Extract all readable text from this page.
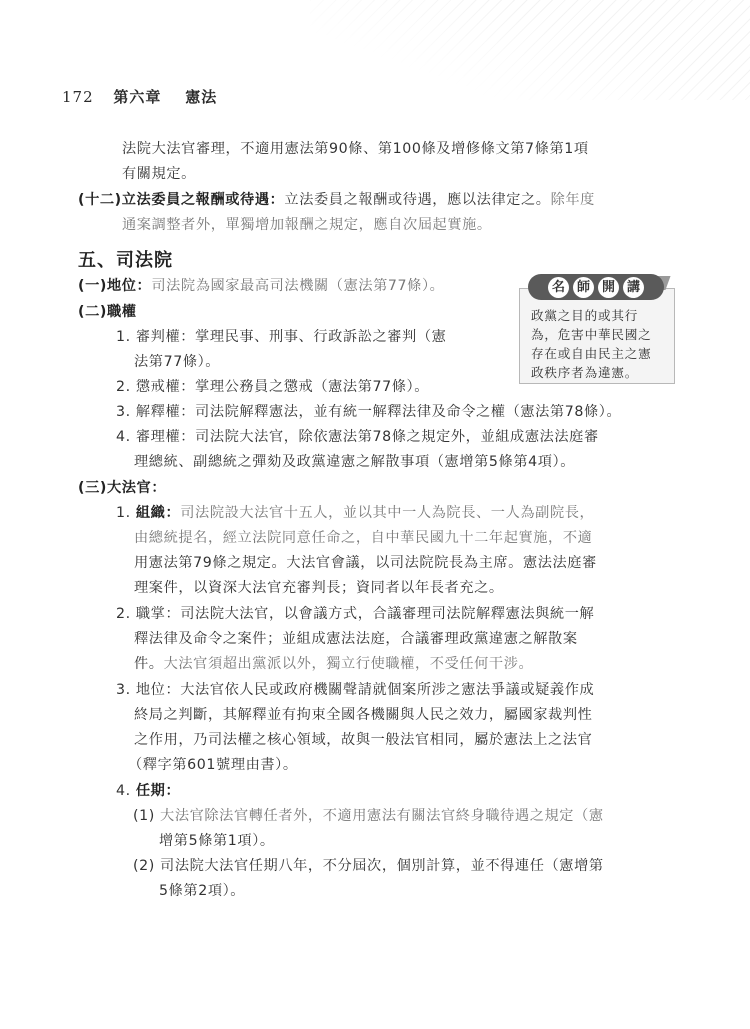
172 第六章 憲法
法院大法官審理，不適用憲法第90條、第100條及增修條文第7條第1項
有關規定。
(十二)立法委員之報酬或待遇：立法委員之報酬或待遇，應以法律定之。除年度
通案調整者外，單獨增加報酬之規定，應自次屆起實施。
五、司法院
(一)地位：司法院為國家最高司法機關（憲法第77條）。
(二)職權
1. 審判權：掌理民事、刑事、行政訴訟之審判（憲
法第77條）。
2. 懲戒權：掌理公務員之懲戒（憲法第77條）。
3. 解釋權：司法院解釋憲法，並有統一解釋法律及命令之權（憲法第78條）。
4. 審理權：司法院大法官，除依憲法第78條之規定外，並組成憲法法庭審
理總統、副總統之彈劾及政黨違憲之解散事項（憲增第5條第4項）。
名 師 開 講
政黨之目的或其行
為，危害中華民國之
存在或自由民主之憲
政秩序者為違憲。
(三)大法官：
1. 組織：司法院設大法官十五人，並以其中一人為院長、一人為副院長，
由總統提名，經立法院同意任命之，自中華民國九十二年起實施，不適
用憲法第79條之規定。大法官會議，以司法院院長為主席。憲法法庭審
理案件，以資深大法官充審判長；資同者以年長者充之。
2. 職掌：司法院大法官，以會議方式，合議審理司法院解釋憲法與統一解
釋法律及命令之案件；並組成憲法法庭，合議審理政黨違憲之解散案
件。大法官須超出黨派以外，獨立行使職權，不受任何干涉。
3. 地位：大法官依人民或政府機關聲請就個案所涉之憲法爭議或疑義作成
終局之判斷，其解釋並有拘束全國各機關與人民之效力，屬國家裁判性
之作用，乃司法權之核心領域，故與一般法官相同，屬於憲法上之法官
（釋字第601號理由書）。
4. 任期：
(1) 大法官除法官轉任者外，不適用憲法有關法官終身職待遇之規定（憲
增第5條第1項）。
(2) 司法院大法官任期八年，不分屆次，個別計算，並不得連任（憲增第
5條第2項）。
